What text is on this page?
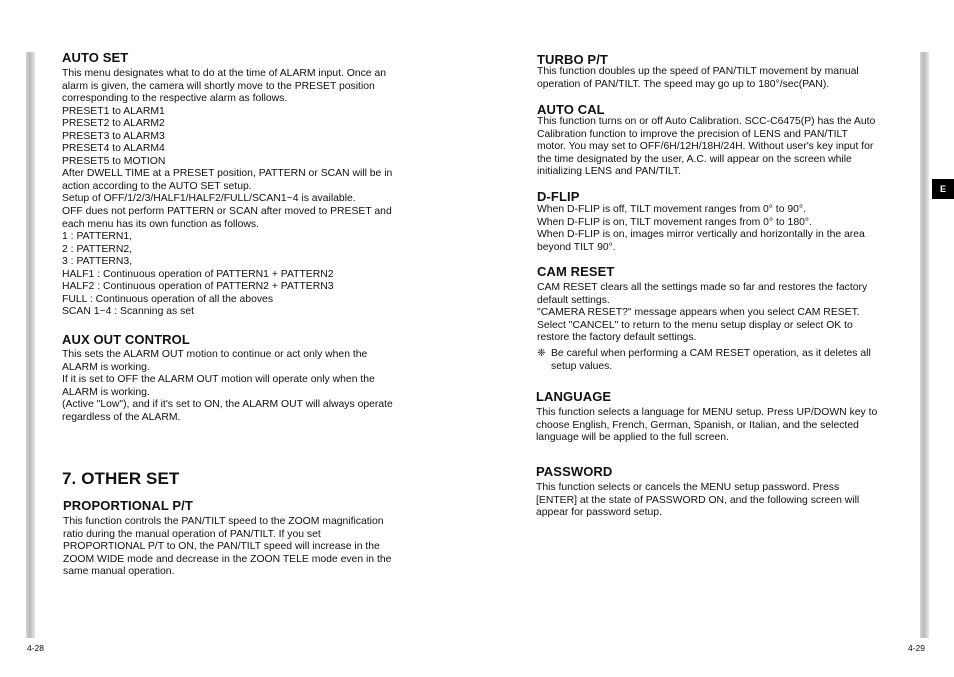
AUTO SET

This menu designates what to do at the time of ALARM input. Once an
alarm is given, the camera will shortly move to the PRESET position
corresponding to the respective alarm as follows.
PRESET1 to ALARM1
PRESET2 to ALARM2
PRESET3 to ALARM3
PRESET4 to ALARM4
PRESET5 to MOTION
After DWELL TIME at a PRESET position, PATTERN or SCAN will be in
action according to the AUTO SET setup.
Setup of OFF/1/2/3/HALF1/HALF2/FULL/SCAN1~4 is available.
OFF dues not perform PATTERN or SCAN after moved to PRESET and
each menu has its own function as follows.
1 : PATTERN1,
2 : PATTERN2,
3 : PATTERN3,
HALF1 : Continuous operation of PATTERN1 + PATTERN2
HALF2 : Continuous operation of PATTERN2 + PATTERN3
FULL : Continuous operation of all the aboves
SCAN 1~4 : Scanning as set

AUX OUT CONTROL

This sets the ALARM OUT motion to continue or act only when the
ALARM is working.
If it is set to OFF the ALARM OUT motion will operate only when the
ALARM is working.
(Active "Low"), and if it's set to ON, the ALARM OUT will always operate
regardless of the ALARM.

7. OTHER SET
PROPORTIONAL P/T

This function controls the PAN/TILT speed to the ZOOM magnification
ratio during the manual operation of PAN/TILT. If you set
PROPORTIONAL P/T to ON, the PAN/TILT speed will increase in the
ZOOM WIDE mode and decrease in the ZOON TELE mode even in the
same manual operation.

TURBO P/T

This function doubles up the speed of PAN/TILT movement by manual
operation of PAN/TILT. The speed may go up to 180°/sec(PAN).

AUTO CAL

This function turns on or off Auto Calibration. SCC-C6475(P) has the Auto
Calibration function to improve the precision of LENS and PAN/TILT
motor. You may set to OFF/6H/12H/18H/24H. Without user's key input for
the time designated by the user, A.C. will appear on the screen while
initializing LENS and PAN/TILT.

D-FLIP

When D-FLIP is off, TILT movement ranges from 0° to 90°.
When D-FLIP is on, TILT movement ranges from 0° to 180°.
When D-FLIP is on, images mirror vertically and horizontally in the area
beyond TILT 90°.

CAM RESET

CAM RESET clears all the settings made so far and restores the factory
default settings.
"CAMERA RESET?" message appears when you select CAM RESET.
Select "CANCEL" to return to the menu setup display or select OK to
restore the factory default settings.

❈ Be careful when performing a CAM RESET operation, as it deletes all
setup values.
LANGUAGE

This function selects a language for MENU setup. Press UP/DOWN key to
choose English, French, German, Spanish, or Italian, and the selected
language will be applied to the full screen.

PASSWORD

This function selects or cancels the MENU setup password. Press
[ENTER] at the state of PASSWORD ON, and the following screen will
appear for password setup.

E
4-28	4-29
